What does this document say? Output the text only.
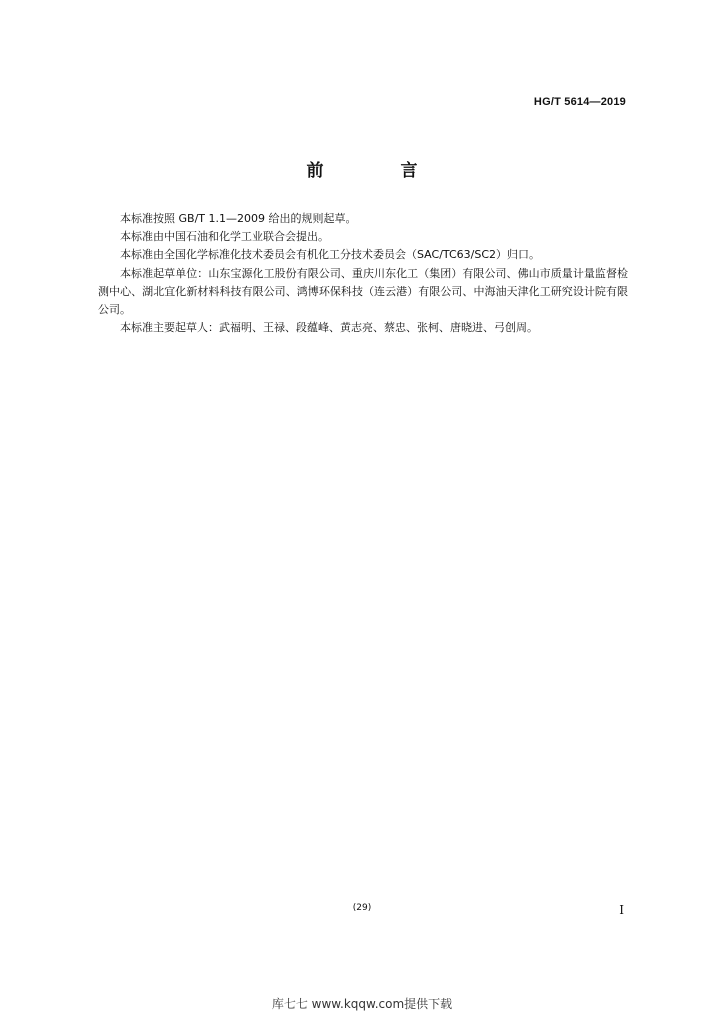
HG/T 5614—2019
前　言

本标准按照 GB/T 1.1—2009 给出的规则起草。

本标准由中国石油和化学工业联合会提出。

本标准由全国化学标准化技术委员会有机化工分技术委员会（SAC/TC63/SC2）归口。

本标准起草单位：山东宝源化工股份有限公司、重庆川东化工（集团）有限公司、佛山市质量计量监督检测中心、湖北宜化新材料科技有限公司、鸿博环保科技（连云港）有限公司、中海油天津化工研究设计院有限公司。

本标准主要起草人：武福明、王禄、段蕴峰、黄志亮、蔡忠、张柯、唐晓进、弓创周。

(29)	I
库七七 www.kqqw.com提供下载
